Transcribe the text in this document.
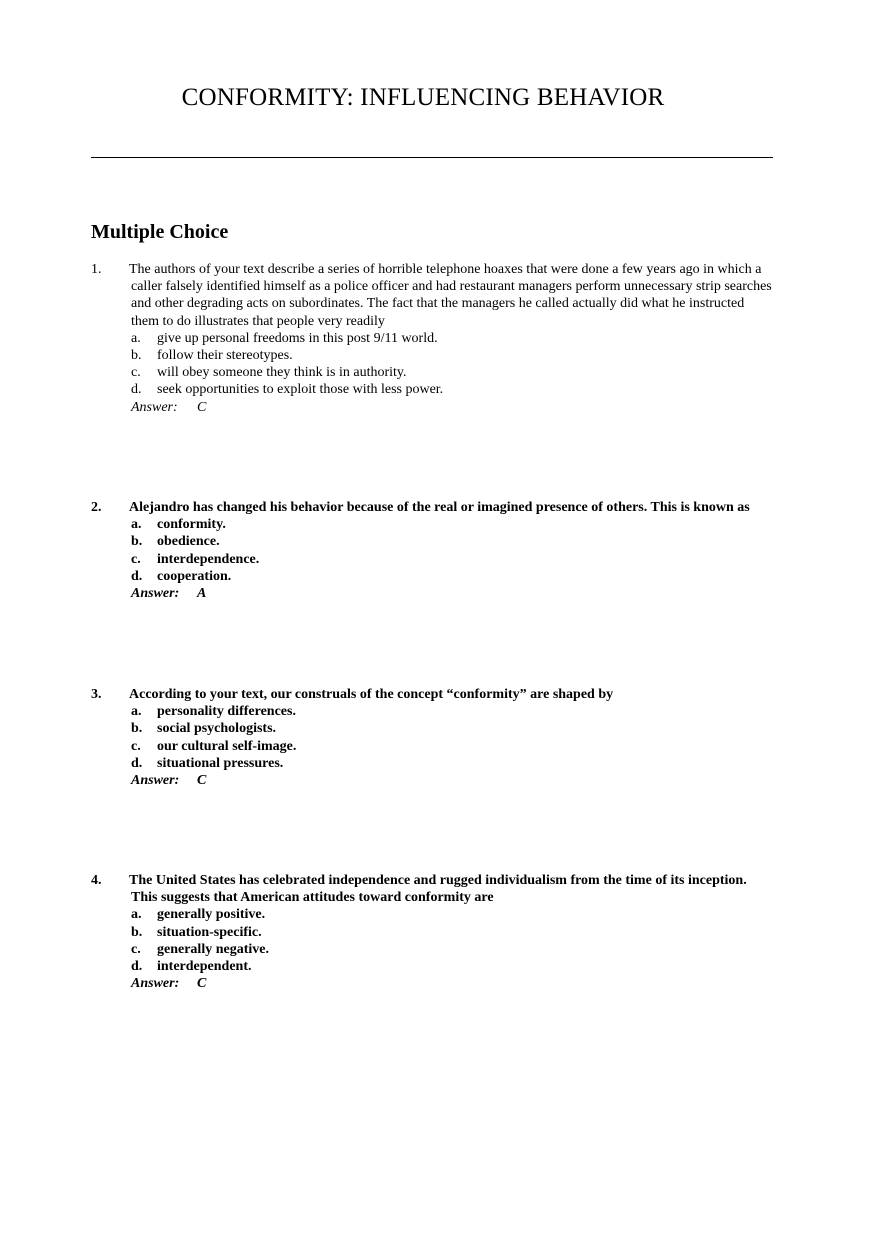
CONFORMITY: INFLUENCING BEHAVIOR
Multiple Choice
1. The authors of your text describe a series of horrible telephone hoaxes that were done a few years ago in which a
caller falsely identified himself as a police officer and had restaurant managers perform unnecessary strip searches
and other degrading acts on subordinates. The fact that the managers he called actually did what he instructed
them to do illustrates that people very readily
a. give up personal freedoms in this post 9/11 world.
b. follow their stereotypes.
c. will obey someone they think is in authority.
d. seek opportunities to exploit those with less power.
Answer: C
2. Alejandro has changed his behavior because of the real or imagined presence of others. This is known as
a. conformity.
b. obedience.
c. interdependence.
d. cooperation.
Answer: A
3. According to your text, our construals of the concept “conformity” are shaped by
a. personality differences.
b. social psychologists.
c. our cultural self-image.
d. situational pressures.
Answer: C
4. The United States has celebrated independence and rugged individualism from the time of its inception.
This suggests that American attitudes toward conformity are
a. generally positive.
b. situation-specific.
c. generally negative.
d. interdependent.
Answer: C
